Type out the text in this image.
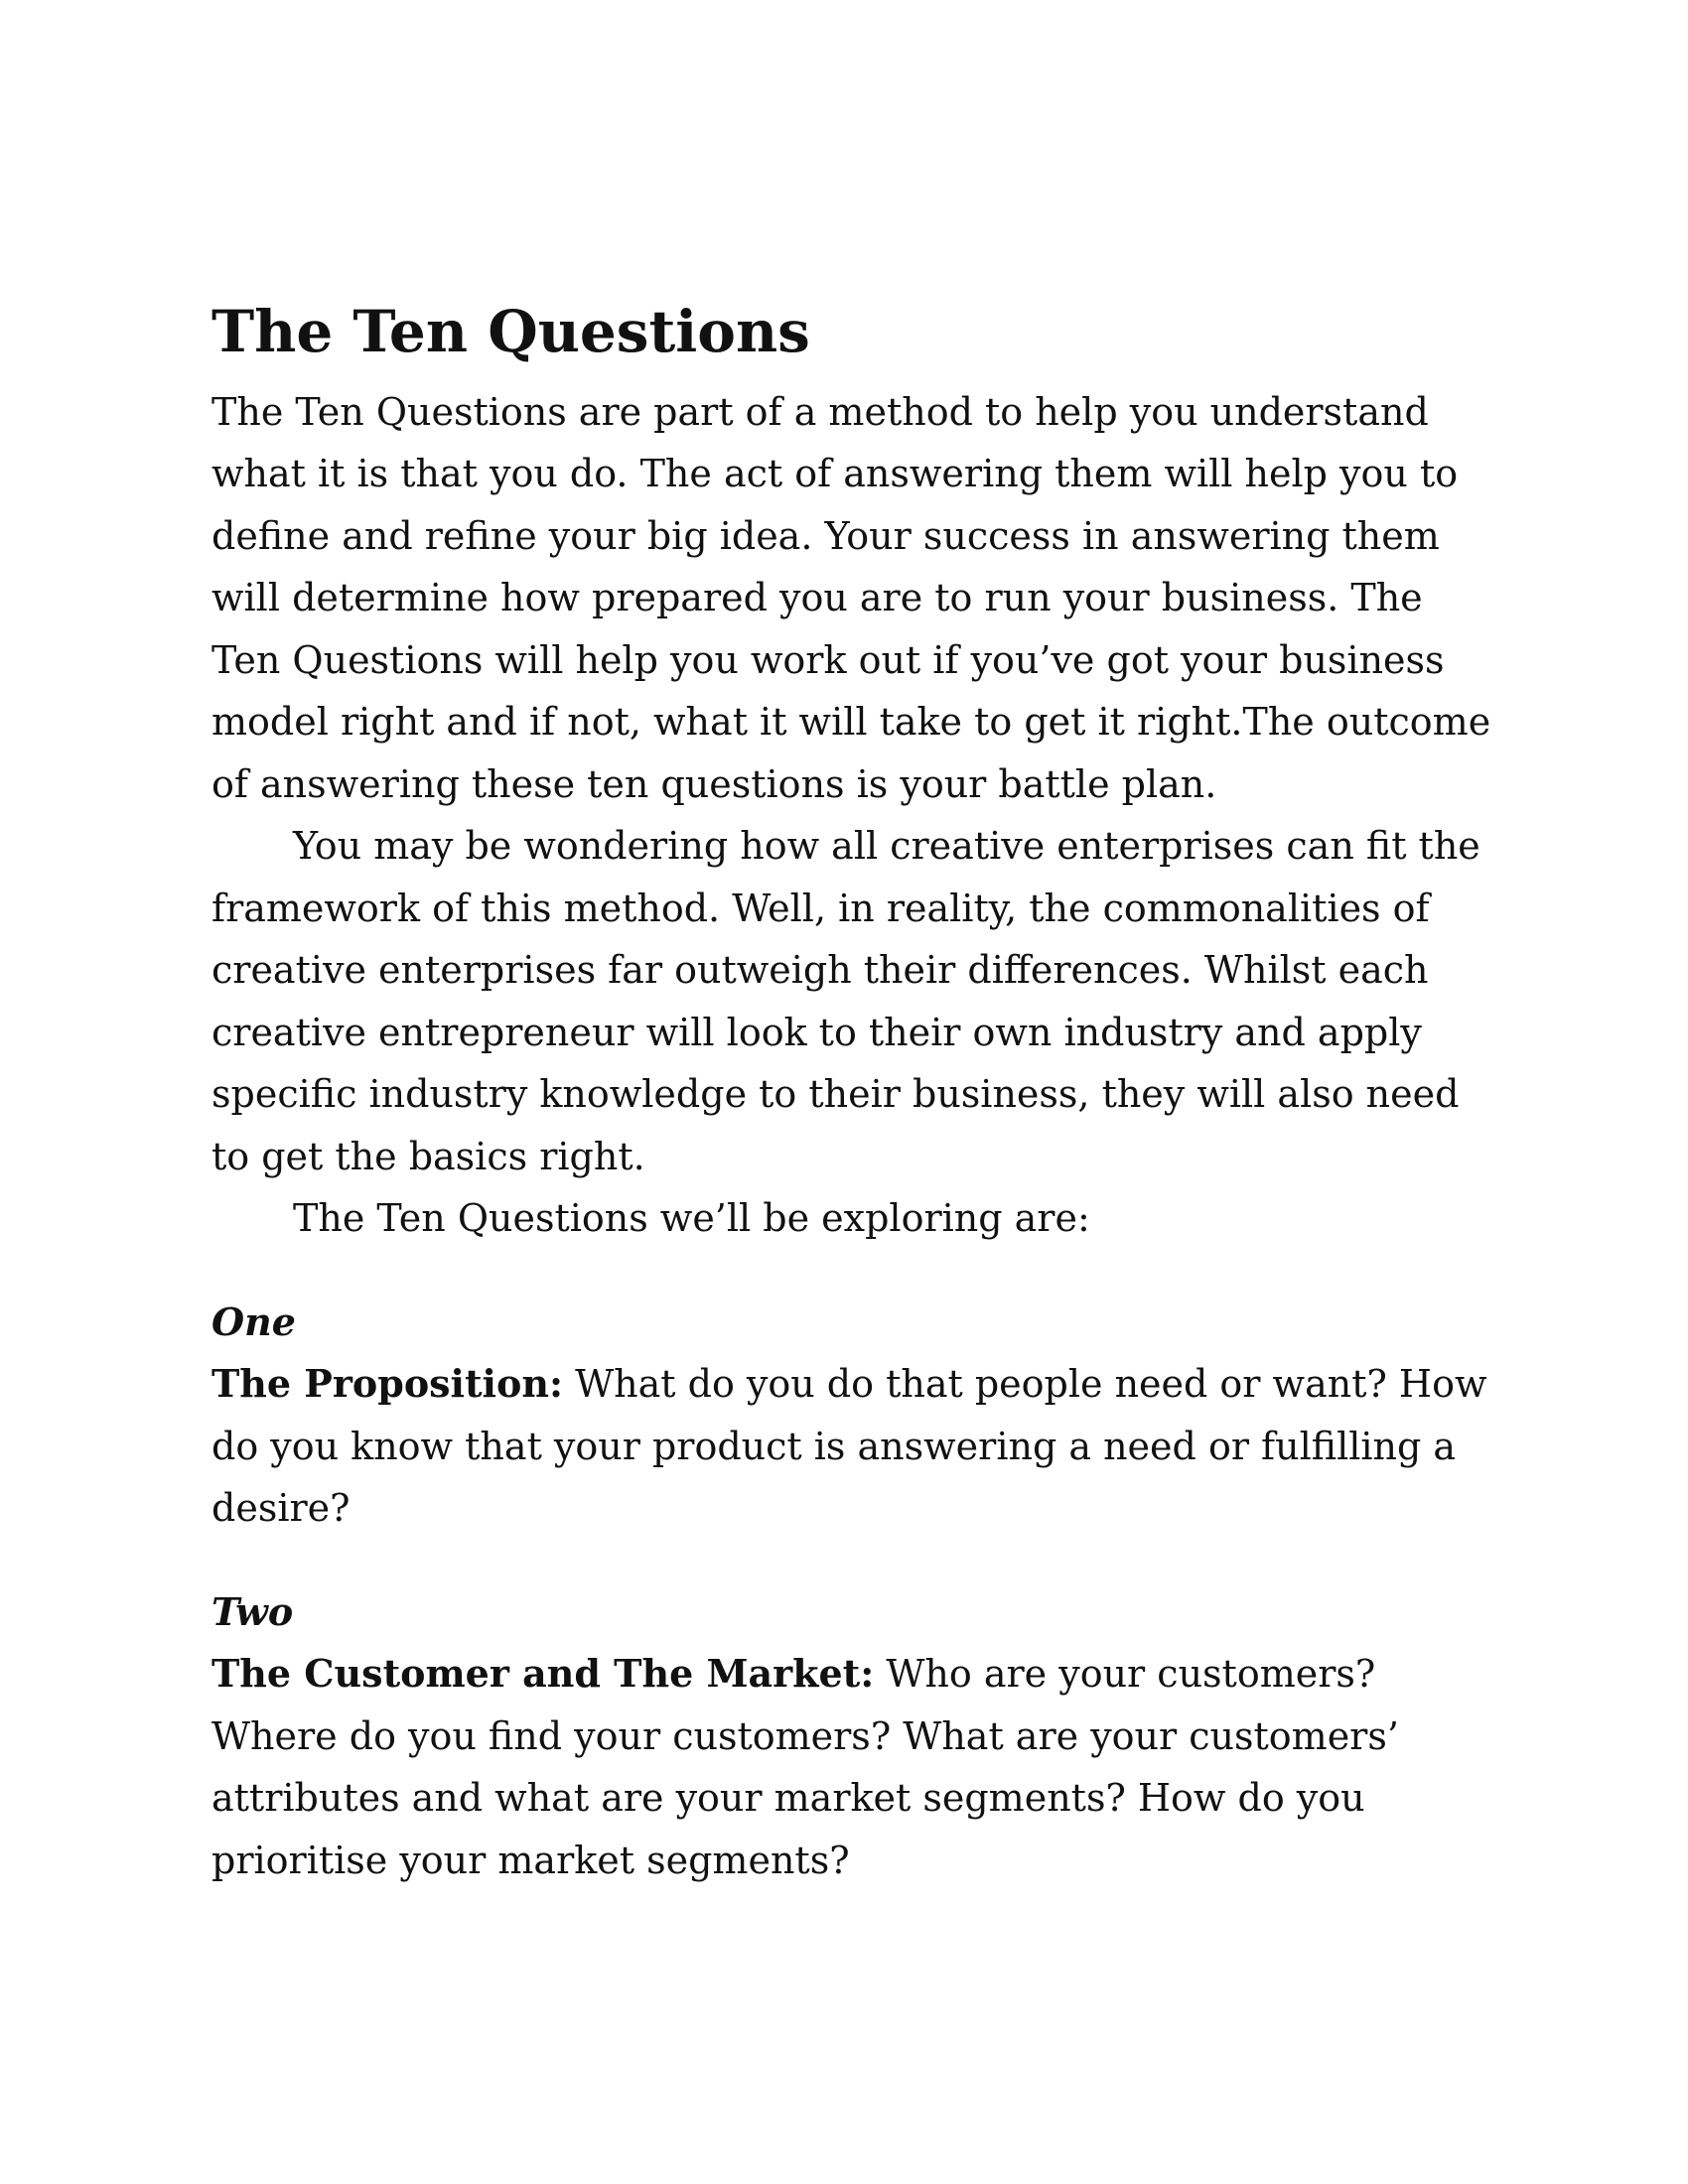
The Ten Questions

The Ten Questions are part of a method to help you understand what it is that you do. The act of answering them will help you to define and refine your big idea. Your success in answering them will determine how prepared you are to run your business. The Ten Questions will help you work out if you’ve got your business model right and if not, what it will take to get it right.The outcome of answering these ten questions is your battle plan.

You may be wondering how all creative enterprises can fit the framework of this method. Well, in reality, the commonalities of creative enterprises far outweigh their differences. Whilst each creative entrepreneur will look to their own industry and apply specific industry knowledge to their business, they will also need to get the basics right.

The Ten Questions we’ll be exploring are:

One

The Proposition: What do you do that people need or want? How do you know that your product is answering a need or fulfilling a desire?

Two

The Customer and The Market: Who are your customers? Where do you find your customers? What are your customers’ attributes and what are your market segments? How do you prioritise your market segments?
